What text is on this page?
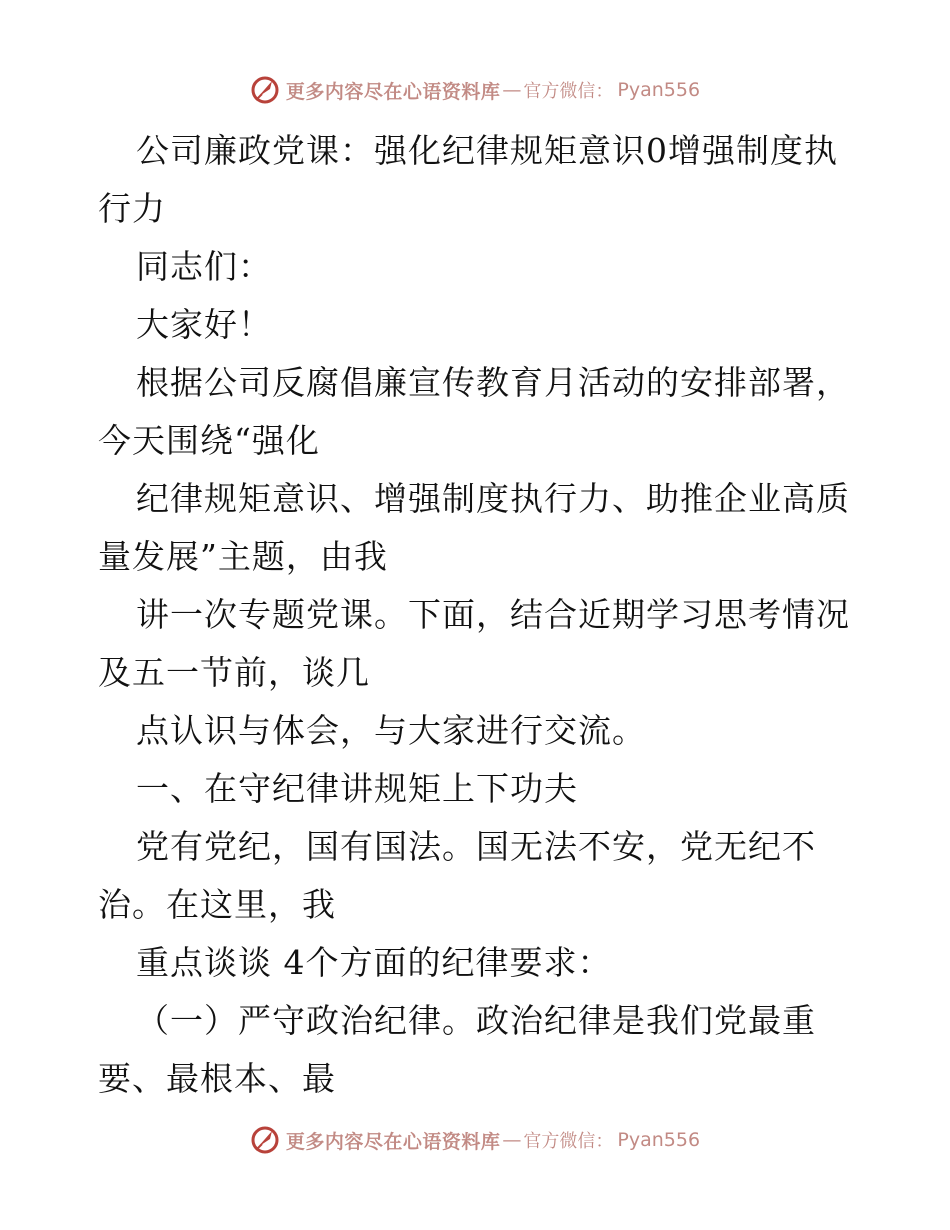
更多内容尽在心语资料库 — 官方微信： Pyan556

公司廉政党课：强化纪律规矩意识0增强制度执
行力

同志们：

大家好！

根据公司反腐倡廉宣传教育月活动的安排部署，
今天围绕“强化

纪律规矩意识、增强制度执行力、助推企业高质
量发展”主题，由我

讲一次专题党课。下面，结合近期学习思考情况
及五一节前，谈几

点认识与体会，与大家进行交流。

一、在守纪律讲规矩上下功夫

党有党纪，国有国法。国无法不安，党无纪不
治。在这里，我

重点谈谈 4个方面的纪律要求：

（一）严守政治纪律。政治纪律是我们党最重
要、最根本、最

更多内容尽在心语资料库 — 官方微信： Pyan556
